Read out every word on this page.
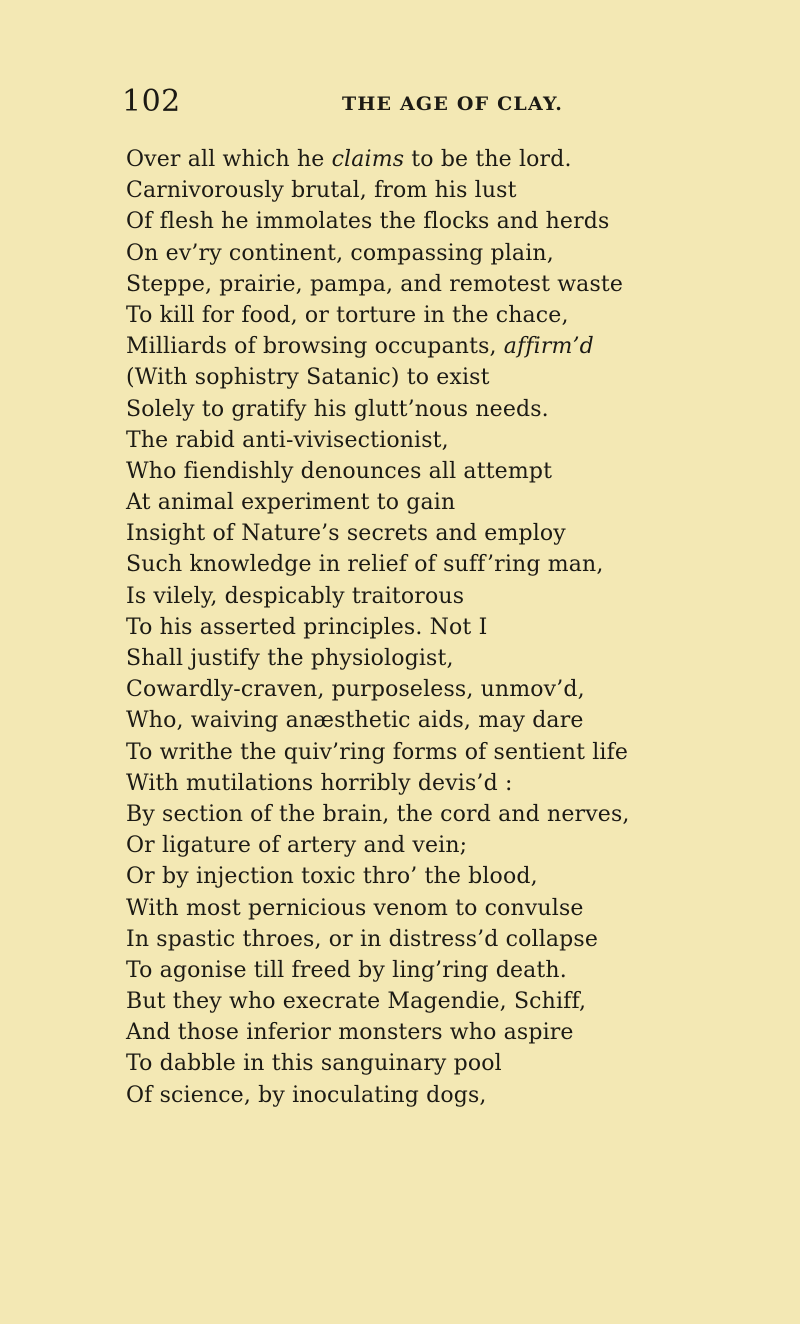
102	THE AGE OF CLAY.
Over all which he claims to be the lord.
Carnivorously brutal, from his lust
Of flesh he immolates the flocks and herds
On ev’ry continent, compassing plain,
Steppe, prairie, pampa, and remotest waste
To kill for food, or torture in the chace,
Milliards of browsing occupants, affirm’d
(With sophistry Satanic) to exist
Solely to gratify his glutt’nous needs.
The rabid anti-vivisectionist,
Who fiendishly denounces all attempt
At animal experiment to gain
Insight of Nature’s secrets and employ
Such knowledge in relief of suff’ring man,
Is vilely, despicably traitorous
To his asserted principles. Not I
Shall justify the physiologist,
Cowardly-craven, purposeless, unmov’d,
Who, waiving anæsthetic aids, may dare
To writhe the quiv’ring forms of sentient life
With mutilations horribly devis’d :
By section of the brain, the cord and nerves,
Or ligature of artery and vein;
Or by injection toxic thro’ the blood,
With most pernicious venom to convulse
In spastic throes, or in distress’d collapse
To agonise till freed by ling’ring death.
But they who execrate Magendie, Schiff,
And those inferior monsters who aspire
To dabble in this sanguinary pool
Of science, by inoculating dogs,
